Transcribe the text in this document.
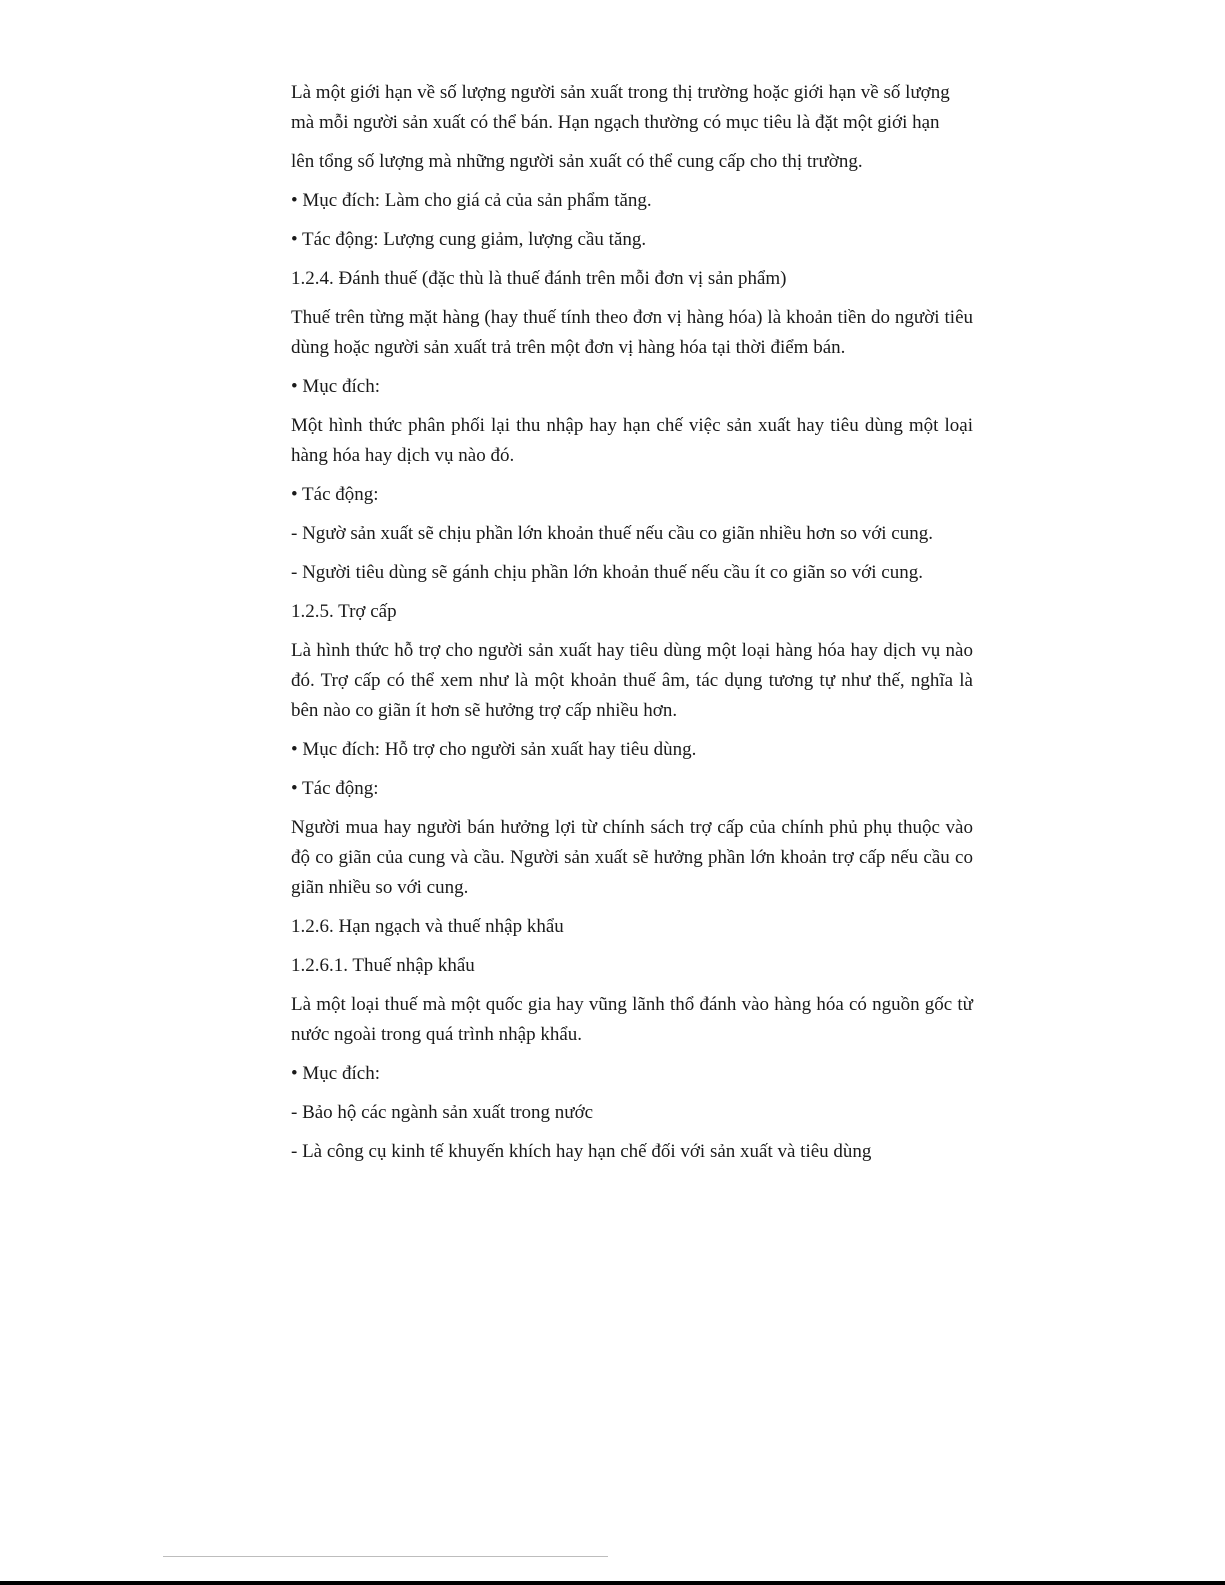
Là một giới hạn về số lượng người sản xuất trong thị trường hoặc giới hạn về số lượng
mà mỗi người sản xuất có thể bán. Hạn ngạch thường có mục tiêu là đặt một giới hạn
lên tổng số lượng mà những người sản xuất có thể cung cấp cho thị trường.

• Mục đích: Làm cho giá cả của sản phẩm tăng.

• Tác động: Lượng cung giảm, lượng cầu tăng.

1.2.4. Đánh thuế (đặc thù là thuế đánh trên mỗi đơn vị sản phẩm)

Thuế trên từng mặt hàng (hay thuế tính theo đơn vị hàng hóa) là khoản tiền do người tiêu dùng hoặc người sản xuất trả trên một đơn vị hàng hóa tại thời điểm bán.

• Mục đích:

Một hình thức phân phối lại thu nhập hay hạn chế việc sản xuất hay tiêu dùng một loại hàng hóa hay dịch vụ nào đó.

• Tác động:

- Ngườ sản xuất sẽ chịu phần lớn khoản thuế nếu cầu co giãn nhiều hơn so với cung.

- Người tiêu dùng sẽ gánh chịu phần lớn khoản thuế nếu cầu ít co giãn so với cung.

1.2.5. Trợ cấp

Là hình thức hỗ trợ cho người sản xuất hay tiêu dùng một loại hàng hóa hay dịch vụ nào đó. Trợ cấp có thể xem như là một khoản thuế âm, tác dụng tương tự như thế, nghĩa là bên nào co giãn ít hơn sẽ hưởng trợ cấp nhiều hơn.

• Mục đích: Hỗ trợ cho người sản xuất hay tiêu dùng.

• Tác động:

Người mua hay người bán hưởng lợi từ chính sách trợ cấp của chính phủ phụ thuộc vào độ co giãn của cung và cầu. Người sản xuất sẽ hưởng phần lớn khoản trợ cấp nếu cầu co giãn nhiều so với cung.

1.2.6. Hạn ngạch và thuế nhập khẩu

1.2.6.1. Thuế nhập khẩu

Là một loại thuế mà một quốc gia hay vũng lãnh thổ đánh vào hàng hóa có nguồn gốc từ nước ngoài trong quá trình nhập khẩu.

• Mục đích:

- Bảo hộ các ngành sản xuất trong nước

- Là công cụ kinh tế khuyến khích hay hạn chế đối với sản xuất và tiêu dùng
